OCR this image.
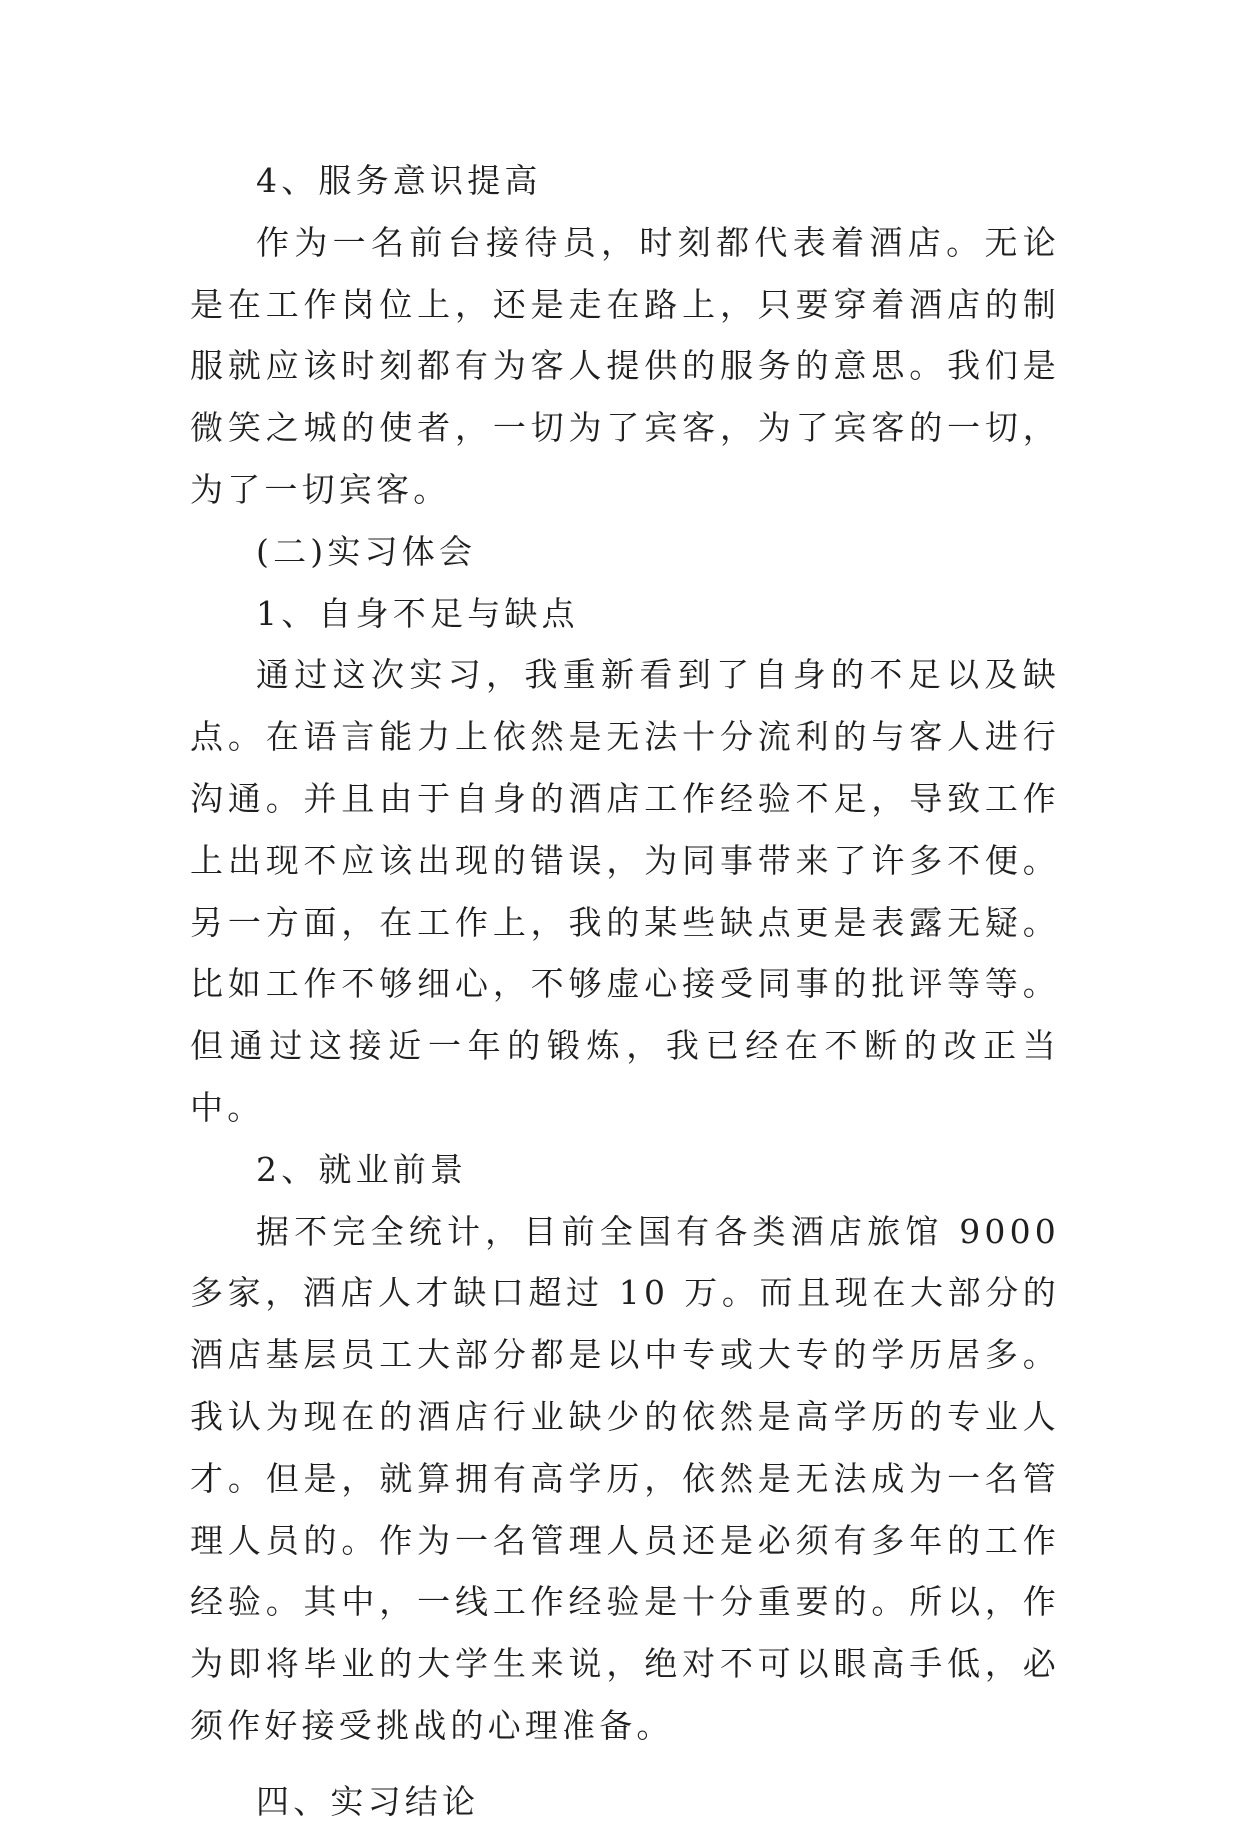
4、服务意识提高

作为一名前台接待员，时刻都代表着酒店。无论是在工作岗位上，还是走在路上，只要穿着酒店的制服就应该时刻都有为客人提供的服务的意思。我们是微笑之城的使者，一切为了宾客，为了宾客的一切，为了一切宾客。

(二)实习体会

1、自身不足与缺点

通过这次实习，我重新看到了自身的不足以及缺点。在语言能力上依然是无法十分流利的与客人进行沟通。并且由于自身的酒店工作经验不足，导致工作上出现不应该出现的错误，为同事带来了许多不便。另一方面，在工作上，我的某些缺点更是表露无疑。比如工作不够细心，不够虚心接受同事的批评等等。但通过这接近一年的锻炼，我已经在不断的改正当中。

2、就业前景

据不完全统计，目前全国有各类酒店旅馆 9000 多家，酒店人才缺口超过 10 万。而且现在大部分的酒店基层员工大部分都是以中专或大专的学历居多。我认为现在的酒店行业缺少的依然是高学历的专业人才。但是，就算拥有高学历，依然是无法成为一名管理人员的。作为一名管理人员还是必须有多年的工作经验。其中，一线工作经验是十分重要的。所以，作为即将毕业的大学生来说，绝对不可以眼高手低，必须作好接受挑战的心理准备。

四、实习结论
